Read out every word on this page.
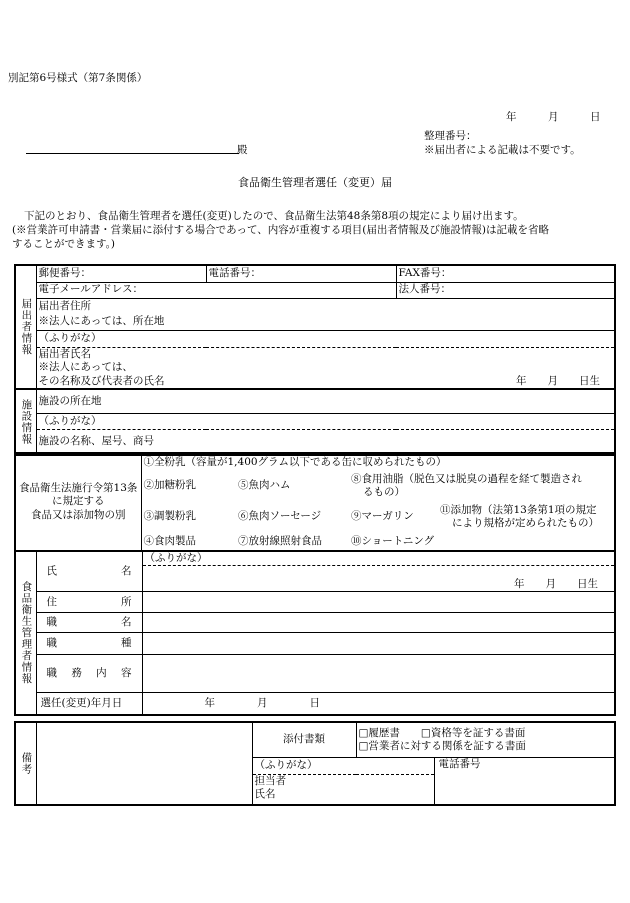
別記第6号様式（第7条関係）
年　　　月　　　日
整理番号：
殿	※届出者による記載は不要です。
食品衛生管理者選任（変更）届
下記のとおり、食品衛生管理者を選任(変更)したので、食品衛生法第48条第8項の規定により届け出ます。
(※営業許可申請書・営業届に添付する場合であって、内容が重複する項目(届出者情報及び施設情報)は記載を省略
することができます。)
届出者情報	郵便番号：	電話番号：	FAX番号：
	電子メールアドレス：		法人番号：
	届出者住所		
	※法人にあっては、所在地		
	（ふりがな）		

	届出者氏名
※法人にあっては、		

	その名称及び代表者の氏名 年　　月　　日生		

施設情報	施設の所在地		
	（ふりがな）		
	施設の名称、屋号、商号		
食品衛生法施行令第13条
に規定する
食品又は添加物の別	①全粉乳（容量が1,400グラム以下である缶に収められたもの）			
	②加糖粉乳	⑤魚肉ハム	⑧食用油脂（脱色又は脱臭の過程を経て製造され
るもの）	

	③調製粉乳	⑥魚肉ソーセージ	⑨マーガリン	⑪添加物（法第13条第1項の規定
により規格が定められたもの）

	④食肉製品	⑦放射線照射食品	⑩ショートニング	
食品衛生管理者情報	氏　　　　　名	（ふりがな）
		年　　月　　日生
	住　　　　　所	
	職　　　　　名	
	職　　　　　種	
	職　務　内　容	
	選任(変更)年月日	年　　　　月　　　　日
備考		添付書類	□履歴書　　□資格等を証する書面
□営業者に対する関係を証する書面	

		（ふりがな）		電話番号

		担当者
氏名		
